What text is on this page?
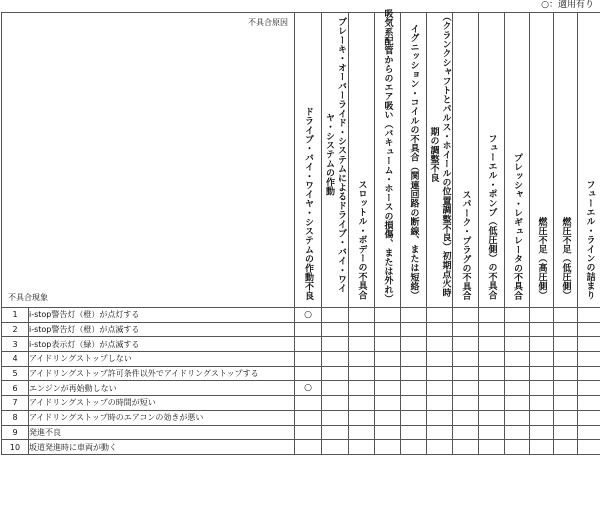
○：適用有り
不具合原因
不具合現象		ドライブ・バイ・ワイヤ・システムの作動不良	ブレーキ・オーバーライド・システムによるドライブ・バイ・ワイヤ・システムの作動	スロットル・ボデーの不具合	吸気系配管からのエア吸い（バキューム・ホースの損傷、または外れ）	イグニッション・コイルの不具合（関連回路の断線、または短絡）	（クランクシャフトとパルス・ホイールの位置調整不良）初期点火時期の調整不良	スパーク・プラグの不具合	フューエル・ポンプ（低圧側）の不具合	プレッシャ・レギュレータの不具合	燃圧不足（高圧側）	燃圧不足（低圧側）	フューエル・ラインの詰まり
1	i-stop警告灯（橙）が点灯する	○											
2	i-stop警告灯（橙）が点滅する												
3	i-stop表示灯（緑）が点滅する												
4	アイドリングストップしない												
5	アイドリングストップ許可条件以外でアイドリングストップする												
6	エンジンが再始動しない	○											
7	アイドリングストップの時間が短い												
8	アイドリングストップ時のエアコンの効きが悪い												
9	発進不良												
10	坂道発進時に車両が動く												
